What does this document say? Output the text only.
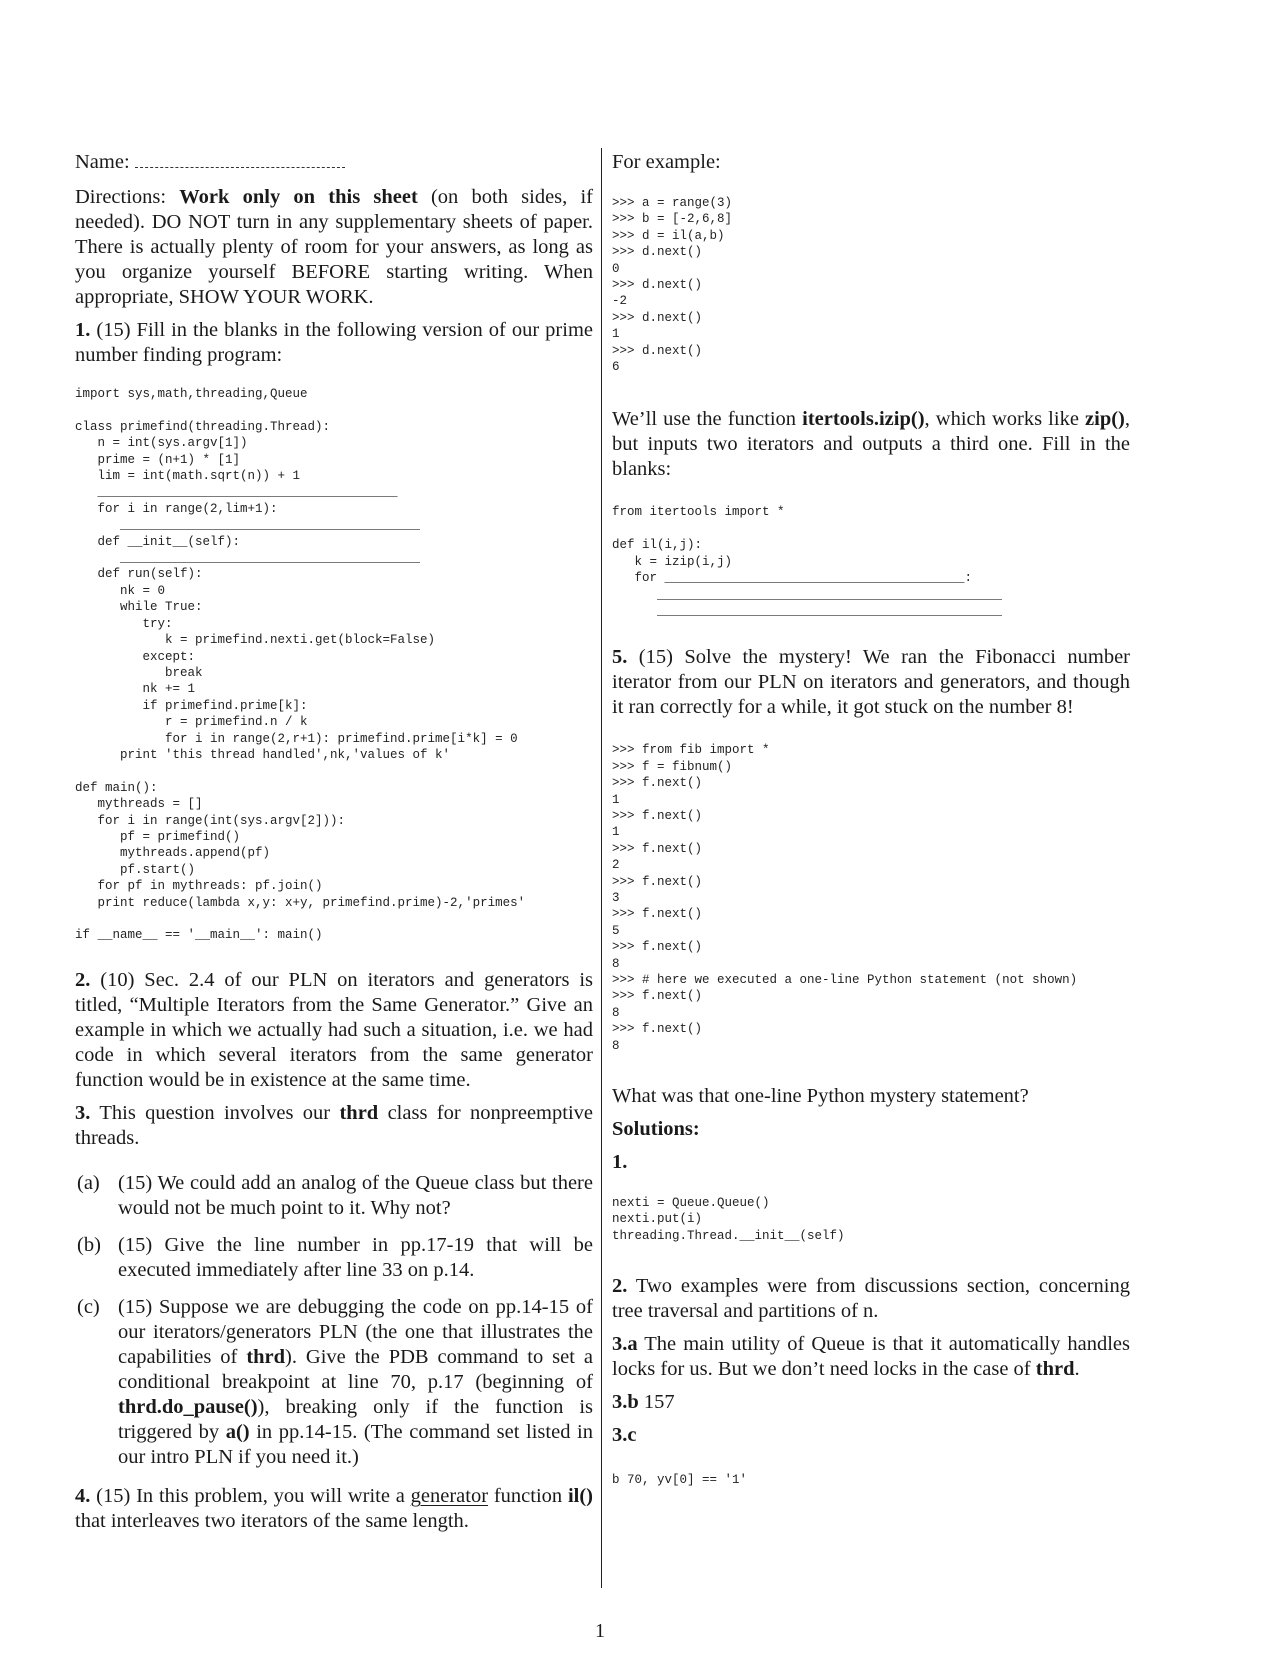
Name:

Directions: Work only on this sheet (on both sides, if needed). DO NOT turn in any supplementary sheets of paper. There is actually plenty of room for your answers, as long as you organize yourself BEFORE starting writing. When appropriate, SHOW YOUR WORK.

1. (15) Fill in the blanks in the following version of our prime number finding program:

import sys,math,threading,Queue

class primefind(threading.Thread):
n = int(sys.argv[1])
prime = (n+1) * [1]
lim = int(math.sqrt(n)) + 1
________________________________________
for i in range(2,lim+1):
________________________________________
def __init__(self):
________________________________________
def run(self):
nk = 0
while True:
try:
k = primefind.nexti.get(block=False)
except:
break
nk += 1
if primefind.prime[k]:
r = primefind.n / k
for i in range(2,r+1): primefind.prime[i*k] = 0
print 'this thread handled',nk,'values of k'

def main():
mythreads = []
for i in range(int(sys.argv[2])):
pf = primefind()
mythreads.append(pf)
pf.start()
for pf in mythreads: pf.join()
print reduce(lambda x,y: x+y, primefind.prime)-2,'primes'

if __name__ == '__main__': main()

2. (10) Sec. 2.4 of our PLN on iterators and generators is titled, “Multiple Iterators from the Same Generator.” Give an example in which we actually had such a situation, i.e. we had code in which several iterators from the same generator function would be in existence at the same time.

3. This question involves our thrd class for nonpreemptive threads.

(a) (15) We could add an analog of the Queue class but there would not be much point to it. Why not?
(b) (15) Give the line number in pp.17-19 that will be executed immediately after line 33 on p.14.
(c) (15) Suppose we are debugging the code on pp.14-15 of our iterators/generators PLN (the one that illustrates the capabilities of thrd). Give the PDB command to set a conditional breakpoint at line 70, p.17 (beginning of thrd.do_pause()), breaking only if the function is triggered by a() in pp.14-15. (The command set listed in our intro PLN if you need it.)

4. (15) In this problem, you will write a generator function il() that interleaves two iterators of the same length.

For example:

>>> a = range(3)
>>> b = [-2,6,8]
>>> d = il(a,b)
>>> d.next()
0
>>> d.next()
-2
>>> d.next()
1
>>> d.next()
6

We’ll use the function itertools.izip(), which works like zip(), but inputs two iterators and outputs a third one. Fill in the blanks:

from itertools import *

def il(i,j):
k = izip(i,j)
for ________________________________________:
______________________________________________
______________________________________________

5. (15) Solve the mystery! We ran the Fibonacci number iterator from our PLN on iterators and generators, and though it ran correctly for a while, it got stuck on the number 8!

>>> from fib import *
>>> f = fibnum()
>>> f.next()
1
>>> f.next()
1
>>> f.next()
2
>>> f.next()
3
>>> f.next()
5
>>> f.next()
8
>>> # here we executed a one-line Python statement (not shown)
>>> f.next()
8
>>> f.next()
8

What was that one-line Python mystery statement?

Solutions:

1.

nexti = Queue.Queue()
nexti.put(i)
threading.Thread.__init__(self)

2. Two examples were from discussions section, concerning tree traversal and partitions of n.

3.a The main utility of Queue is that it automatically handles locks for us. But we don’t need locks in the case of thrd.

3.b 157

3.c

b 70, yv[0] == '1'
1
